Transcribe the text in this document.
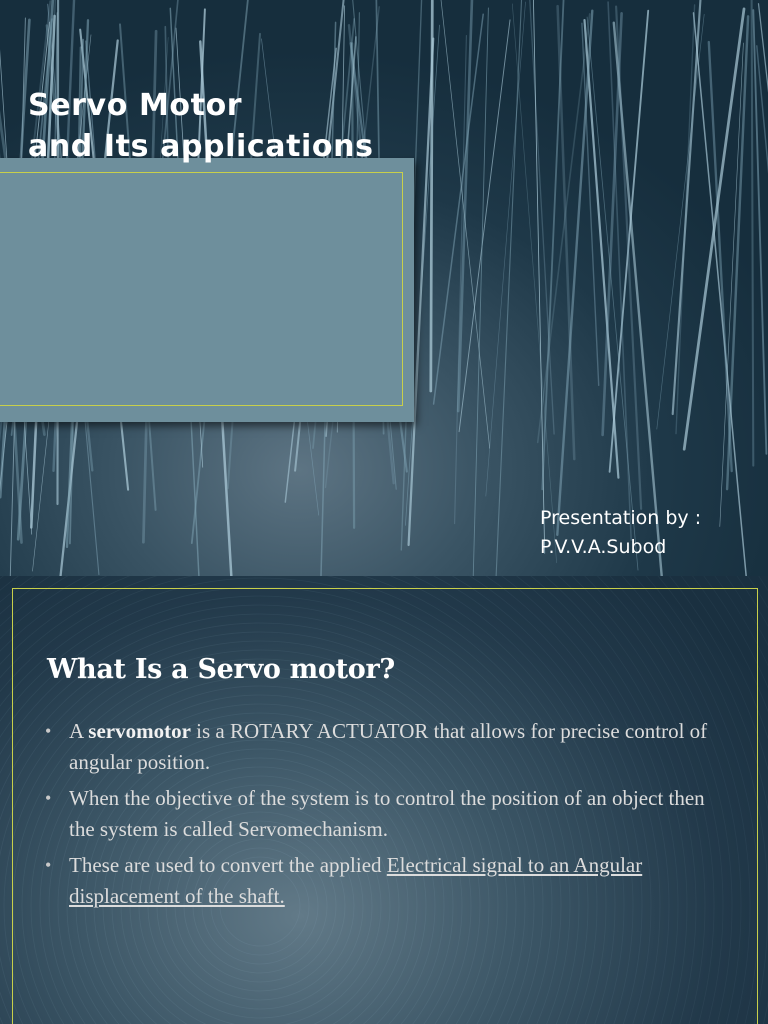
Servo Motor
and Its applications
Presentation by :
P.V.V.A.Subod
What Is a Servo motor?
• A servomotor is a ROTARY ACTUATOR that allows for precise control of angular position.
• When the objective of the system is to control the position of an object then the system is called Servomechanism.
• These are used to convert the applied Electrical signal to an Angular displacement of the shaft.
